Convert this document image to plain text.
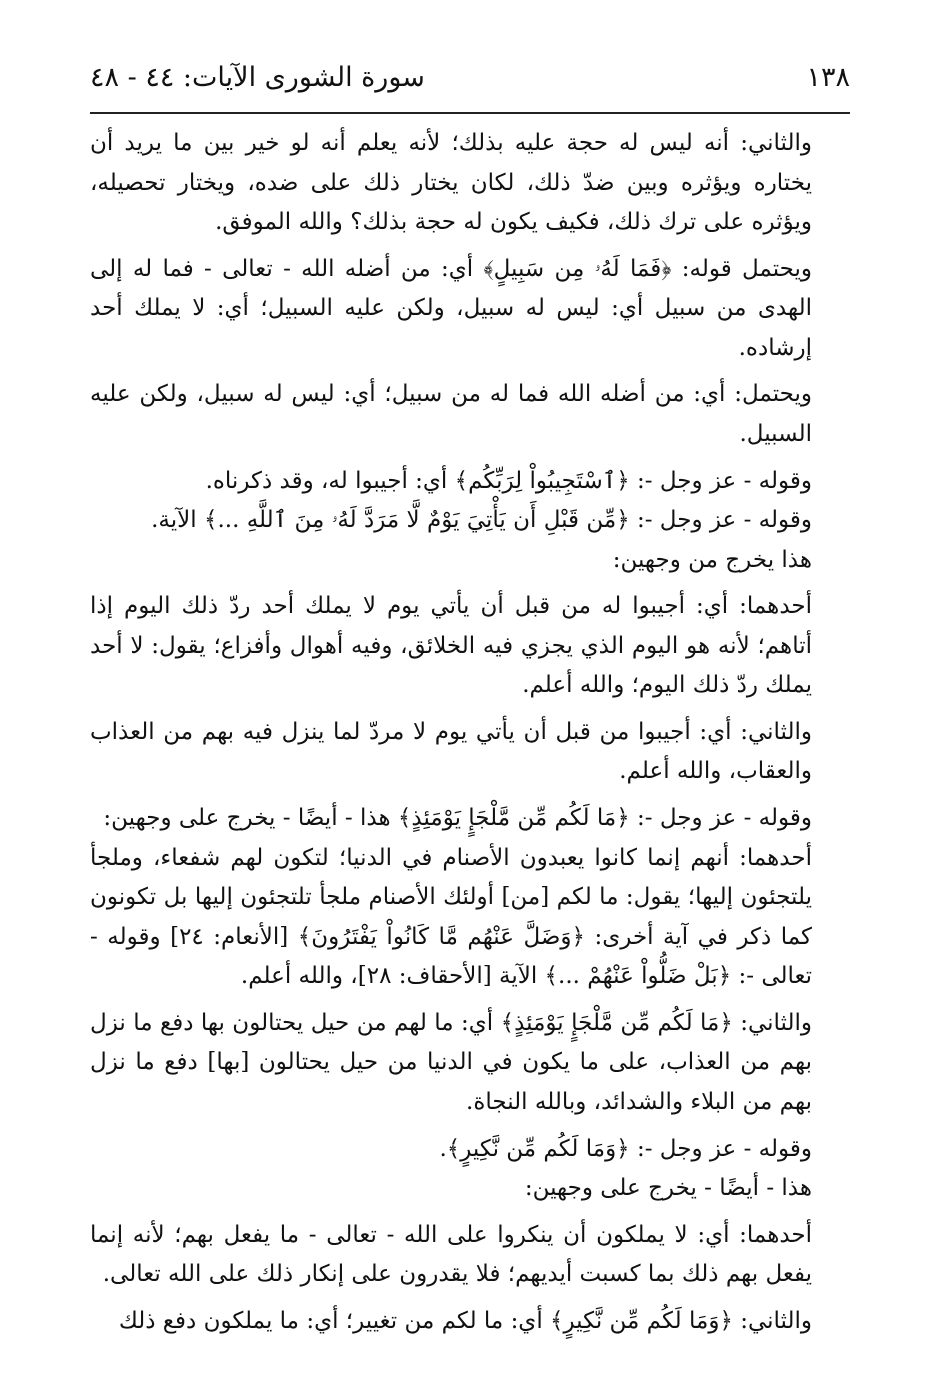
١٣٨
سورة الشورى الآيات: ٤٤ - ٤٨

والثاني: أنه ليس له حجة عليه بذلك؛ لأنه يعلم أنه لو خير بين ما يريد أن يختاره ويؤثره وبين ضدّ ذلك، لكان يختار ذلك على ضده، ويختار تحصيله، ويؤثره على ترك ذلك، فكيف يكون له حجة بذلك؟ والله الموفق.

ويحتمل قوله: ﴿فَمَا لَهُۥ مِن سَبِيلٍ﴾ أي: من أضله الله - تعالى - فما له إلى الهدى من سبيل أي: ليس له سبيل، ولكن عليه السبيل؛ أي: لا يملك أحد إرشاده.

ويحتمل: أي: من أضله الله فما له من سبيل؛ أي: ليس له سبيل، ولكن عليه السبيل.

وقوله - عز وجل -: ﴿ٱسْتَجِيبُواْ لِرَبِّكُم﴾ أي: أجيبوا له، وقد ذكرناه.

وقوله - عز وجل -: ﴿مِّن قَبْلِ أَن يَأْتِيَ يَوْمٌ لَّا مَرَدَّ لَهُۥ مِنَ ٱللَّهِ ...﴾ الآية.

هذا يخرج من وجهين:

أحدهما: أي: أجيبوا له من قبل أن يأتي يوم لا يملك أحد ردّ ذلك اليوم إذا أتاهم؛ لأنه هو اليوم الذي يجزي فيه الخلائق، وفيه أهوال وأفزاع؛ يقول: لا أحد يملك ردّ ذلك اليوم؛ والله أعلم.

والثاني: أي: أجيبوا من قبل أن يأتي يوم لا مردّ لما ينزل فيه بهم من العذاب والعقاب، والله أعلم.

وقوله - عز وجل -: ﴿مَا لَكُم مِّن مَّلْجَإٍ يَوْمَئِذٍ﴾ هذا - أيضًا - يخرج على وجهين:

أحدهما: أنهم إنما كانوا يعبدون الأصنام في الدنيا؛ لتكون لهم شفعاء، وملجأ يلتجئون إليها؛ يقول: ما لكم [من] أولئك الأصنام ملجأ تلتجئون إليها بل تكونون كما ذكر في آية أخرى: ﴿وَضَلَّ عَنْهُم مَّا كَانُواْ يَفْتَرُونَ﴾ [الأنعام: ٢٤] وقوله - تعالى -: ﴿بَلْ ضَلُّواْ عَنْهُمْ ...﴾ الآية [الأحقاف: ٢٨]، والله أعلم.

والثاني: ﴿مَا لَكُم مِّن مَّلْجَإٍ يَوْمَئِذٍ﴾ أي: ما لهم من حيل يحتالون بها دفع ما نزل بهم من العذاب، على ما يكون في الدنيا من حيل يحتالون [بها] دفع ما نزل بهم من البلاء والشدائد، وبالله النجاة.

وقوله - عز وجل -: ﴿وَمَا لَكُم مِّن نَّكِيرٍ﴾.

هذا - أيضًا - يخرج على وجهين:

أحدهما: أي: لا يملكون أن ينكروا على الله - تعالى - ما يفعل بهم؛ لأنه إنما يفعل بهم ذلك بما كسبت أيديهم؛ فلا يقدرون على إنكار ذلك على الله تعالى.

والثاني: ﴿وَمَا لَكُم مِّن نَّكِيرٍ﴾ أي: ما لكم من تغيير؛ أي: ما يملكون دفع ذلك
